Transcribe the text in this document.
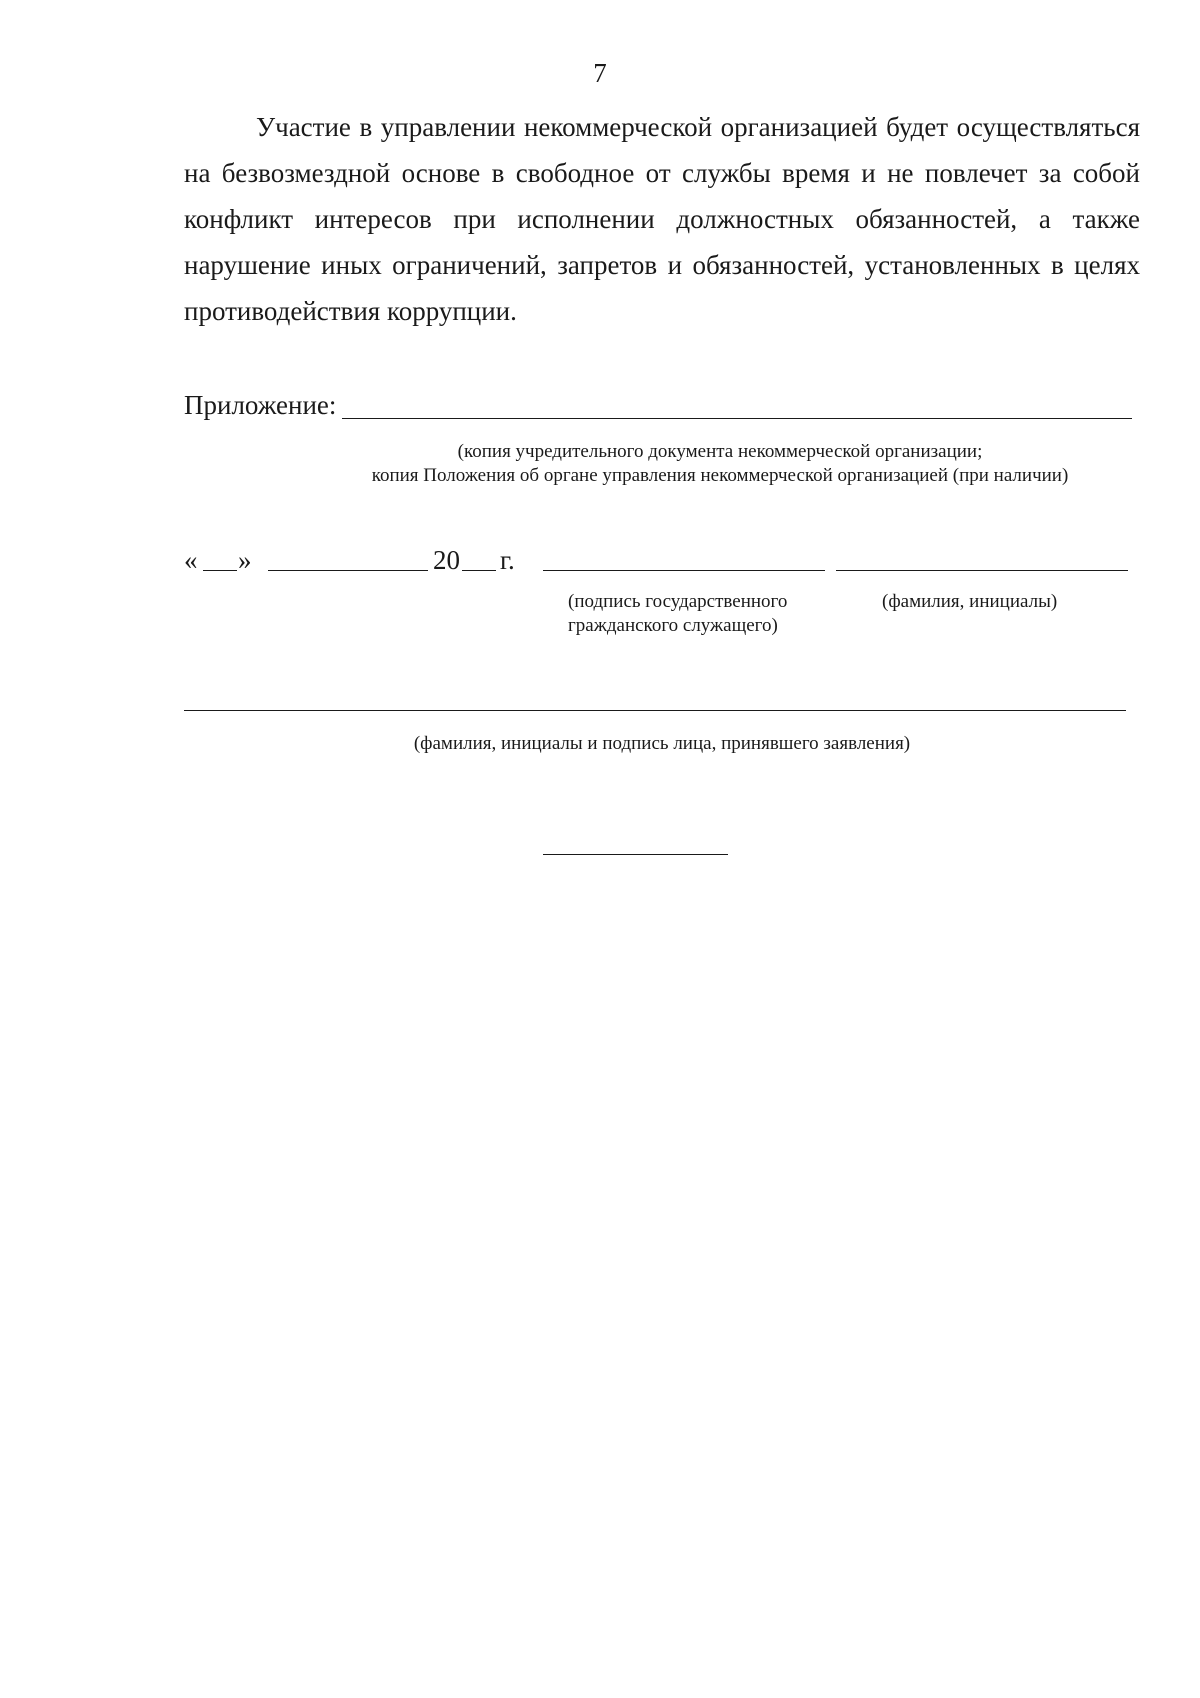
7
Участие в управлении некоммерческой организацией будет осуществляться на безвозмездной основе в свободное от службы время и не повлечет за собой конфликт интересов при исполнении должностных обязанностей, а также нарушение иных ограничений, запретов и обязанностей, установленных в целях противодействия коррупции.
Приложение:
(копия учредительного документа некоммерческой организации;
копия Положения об органе управления некоммерческой организацией (при наличии)
« »	20 г.
(подпись государственного
гражданского служащего)
(фамилия, инициалы)
(фамилия, инициалы и подпись лица, принявшего заявления)
